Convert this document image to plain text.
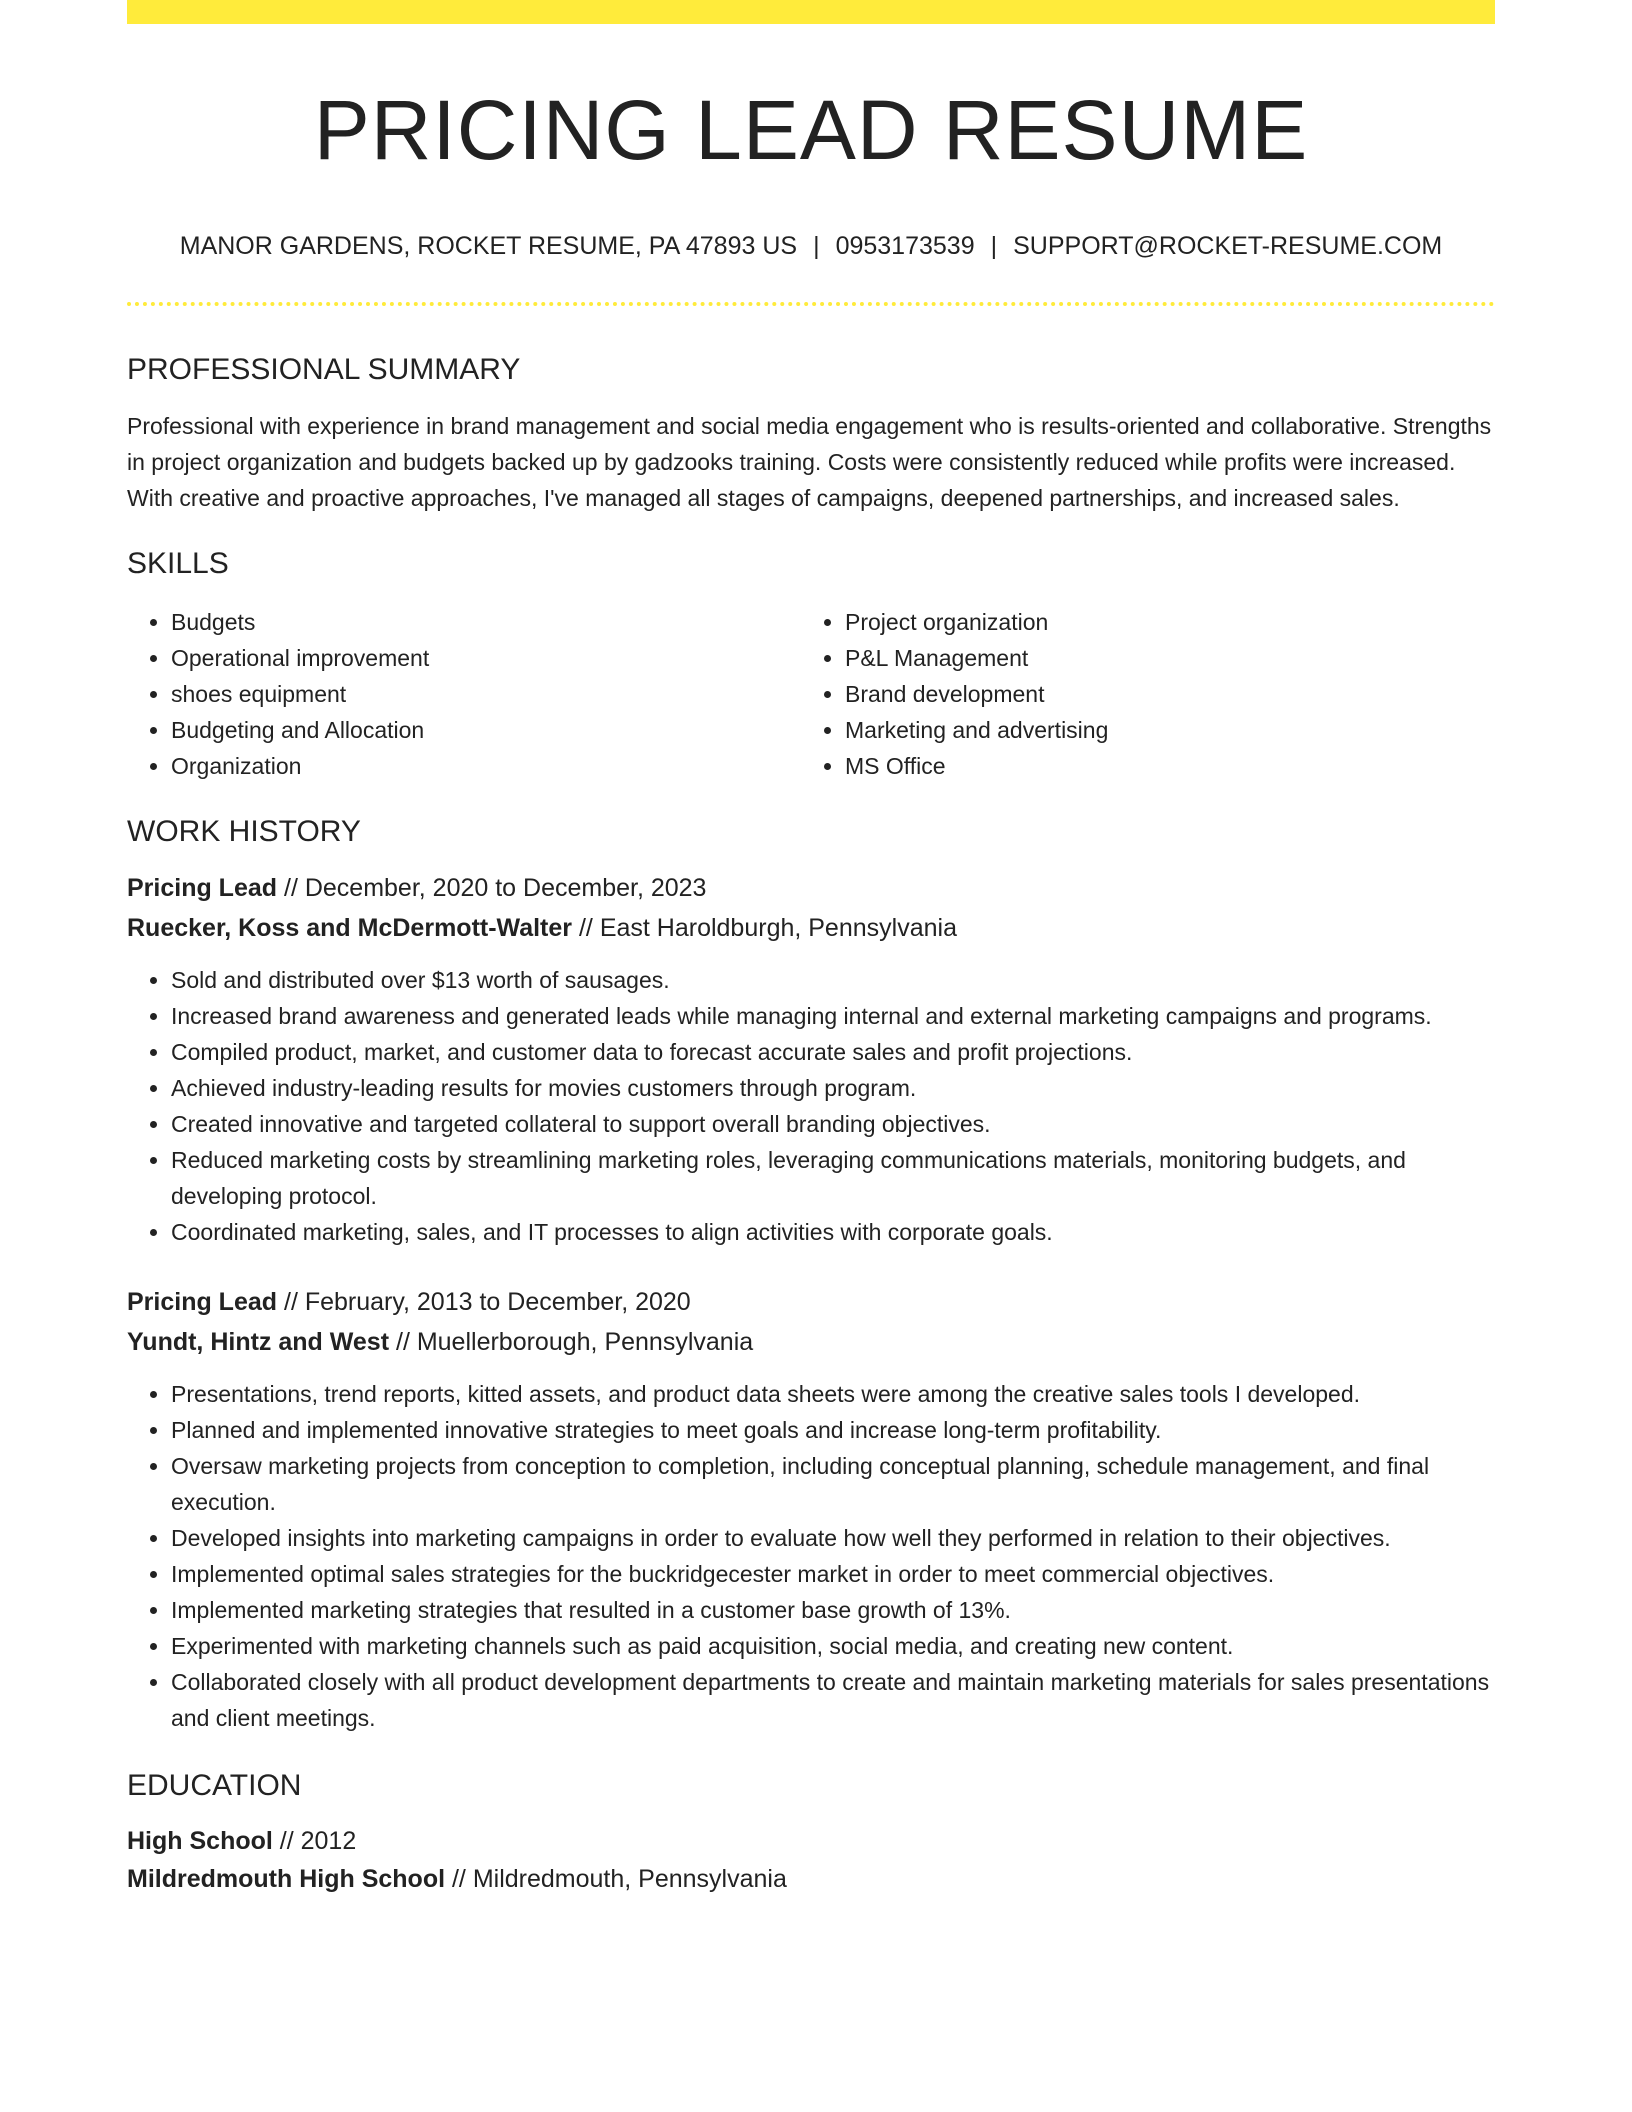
PRICING LEAD RESUME
MANOR GARDENS, ROCKET RESUME, PA 47893 US | 0953173539 | SUPPORT@ROCKET-RESUME.COM
PROFESSIONAL SUMMARY
Professional with experience in brand management and social media engagement who is results-oriented and collaborative. Strengths in project organization and budgets backed up by gadzooks training. Costs were consistently reduced while profits were increased. With creative and proactive approaches, I've managed all stages of campaigns, deepened partnerships, and increased sales.
SKILLS
• Budgets
• Operational improvement
• shoes equipment
• Budgeting and Allocation
• Organization
• Project organization
• P&L Management
• Brand development
• Marketing and advertising
• MS Office
WORK HISTORY
Pricing Lead // December, 2020 to December, 2023
Ruecker, Koss and McDermott-Walter // East Haroldburgh, Pennsylvania
• Sold and distributed over $13 worth of sausages.
• Increased brand awareness and generated leads while managing internal and external marketing campaigns and programs.
• Compiled product, market, and customer data to forecast accurate sales and profit projections.
• Achieved industry-leading results for movies customers through program.
• Created innovative and targeted collateral to support overall branding objectives.
• Reduced marketing costs by streamlining marketing roles, leveraging communications materials, monitoring budgets, and developing protocol.
• Coordinated marketing, sales, and IT processes to align activities with corporate goals.
Pricing Lead // February, 2013 to December, 2020
Yundt, Hintz and West // Muellerborough, Pennsylvania
• Presentations, trend reports, kitted assets, and product data sheets were among the creative sales tools I developed.
• Planned and implemented innovative strategies to meet goals and increase long-term profitability.
• Oversaw marketing projects from conception to completion, including conceptual planning, schedule management, and final execution.
• Developed insights into marketing campaigns in order to evaluate how well they performed in relation to their objectives.
• Implemented optimal sales strategies for the buckridgecester market in order to meet commercial objectives.
• Implemented marketing strategies that resulted in a customer base growth of 13%.
• Experimented with marketing channels such as paid acquisition, social media, and creating new content.
• Collaborated closely with all product development departments to create and maintain marketing materials for sales presentations and client meetings.
EDUCATION
High School // 2012
Mildredmouth High School // Mildredmouth, Pennsylvania
